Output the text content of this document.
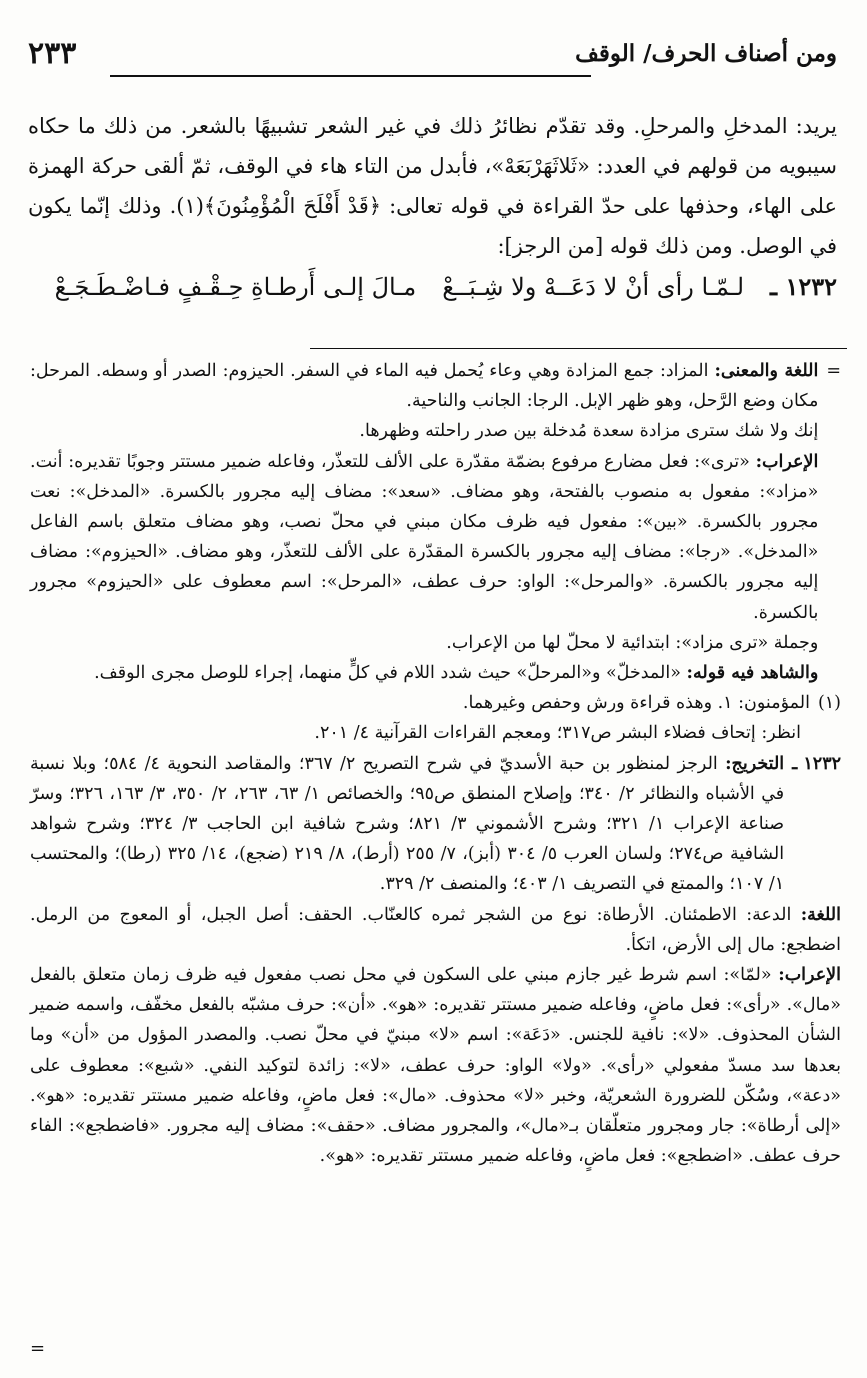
٢٣٣	ومن أصناف الحرف/ الوقف

يريد: المدخلِ والمرحلِ. وقد تقدّم نظائرُ ذلك في غير الشعر تشبيهًا بالشعر. من ذلك ما حكاه سيبويه من قولهم في العدد: «ثَلاثَهَرْبَعَهْ»، فأبدل من التاء هاء في الوقف، ثمّ ألقى حركة الهمزة على الهاء، وحذفها على حدّ القراءة في قوله تعالى: ﴿قَدْ أَفْلَحَ الْمُؤْمِنُونَ﴾(١). وذلك إنّما يكون في الوصل. ومن ذلك قوله [من الرجز]:

١٢٣٢ ـ
لـمّـا رأى أنْ لا دَعَــهْ ولا شِـبَــعْ
مـالَ إلـى أَرطـاةِ حِـقْـفٍ فـاضْـطَـجَـعْ
=

اللغة والمعنى: المزاد: جمع المزادة وهي وعاء يُحمل فيه الماء في السفر. الحيزوم: الصدر أو وسطه. المرحل: مكان وضع الرَّحل، وهو ظهر الإبل. الرجا: الجانب والناحية.

إنك ولا شك سترى مزادة سعدة مُدخلة بين صدر راحلته وظهرها.

الإعراب: «ترى»: فعل مضارع مرفوع بضمّة مقدّرة على الألف للتعذّر، وفاعله ضمير مستتر وجوبًا تقديره: أنت. «مزاد»: مفعول به منصوب بالفتحة، وهو مضاف. «سعد»: مضاف إليه مجرور بالكسرة. «المدخل»: نعت مجرور بالكسرة. «بين»: مفعول فيه ظرف مكان مبني في محلّ نصب، وهو مضاف متعلق باسم الفاعل «المدخل». «رجا»: مضاف إليه مجرور بالكسرة المقدّرة على الألف للتعذّر، وهو مضاف. «الحيزوم»: مضاف إليه مجرور بالكسرة. «والمرحل»: الواو: حرف عطف، «المرحل»: اسم معطوف على «الحيزوم» مجرور بالكسرة.

وجملة «ترى مزاد»: ابتدائية لا محلّ لها من الإعراب.

والشاهد فيه قوله: «المدخلّ» و«المرحلّ» حيث شدد اللام في كلٍّ منهما، إجراء للوصل مجرى الوقف.

(١)

المؤمنون: ١. وهذه قراءة ورش وحفص وغيرهما.

انظر: إتحاف فضلاء البشر ص٣١٧؛ ومعجم القراءات القرآنية ٤/ ٢٠١.

١٢٣٢ ـ

التخريج: الرجز لمنظور بن حبة الأسديّ في شرح التصريح ٢/ ٣٦٧؛ والمقاصد النحوية ٤/ ٥٨٤؛ وبلا نسبة في الأشباه والنظائر ٢/ ٣٤٠؛ وإصلاح المنطق ص٩٥؛ والخصائص ١/ ٦٣، ٢٦٣، ٢/ ٣٥٠، ٣/ ١٦٣، ٣٢٦؛ وسرّ صناعة الإعراب ١/ ٣٢١؛ وشرح الأشموني ٣/ ٨٢١؛ وشرح شافية ابن الحاجب ٣/ ٣٢٤؛ وشرح شواهد الشافية ص٢٧٤؛ ولسان العرب ٥/ ٣٠٤ (أبز)، ٧/ ٢٥٥ (أرط)، ٨/ ٢١٩ (ضجع)، ١٤/ ٣٢٥ (رطا)؛ والمحتسب ١/ ١٠٧؛ والممتع في التصريف ١/ ٤٠٣؛ والمنصف ٢/ ٣٢٩.

اللغة: الدعة: الاطمئنان. الأرطاة: نوع من الشجر ثمره كالعنّاب. الحقف: أصل الجبل، أو المعوج من الرمل. اضطجع: مال إلى الأرض، اتكأ.

الإعراب: «لمّا»: اسم شرط غير جازم مبني على السكون في محل نصب مفعول فيه ظرف زمان متعلق بالفعل «مال». «رأى»: فعل ماضٍ، وفاعله ضمير مستتر تقديره: «هو». «أن»: حرف مشبّه بالفعل مخفّف، واسمه ضمير الشأن المحذوف. «لا»: نافية للجنس. «دَعَة»: اسم «لا» مبنيّ في محلّ نصب. والمصدر المؤول من «أن» وما بعدها سد مسدّ مفعولي «رأى». «ولا» الواو: حرف عطف، «لا»: زائدة لتوكيد النفي. «شبع»: معطوف على «دعة»، وسُكّن للضرورة الشعريّة، وخبر «لا» محذوف. «مال»: فعل ماضٍ، وفاعله ضمير مستتر تقديره: «هو». «إلى أرطاة»: جار ومجرور متعلّقان بـ«مال»، والمجرور مضاف. «حقف»: مضاف إليه مجرور. «فاضطجع»: الفاء حرف عطف. «اضطجع»: فعل ماضٍ، وفاعله ضمير مستتر تقديره: «هو».

=
